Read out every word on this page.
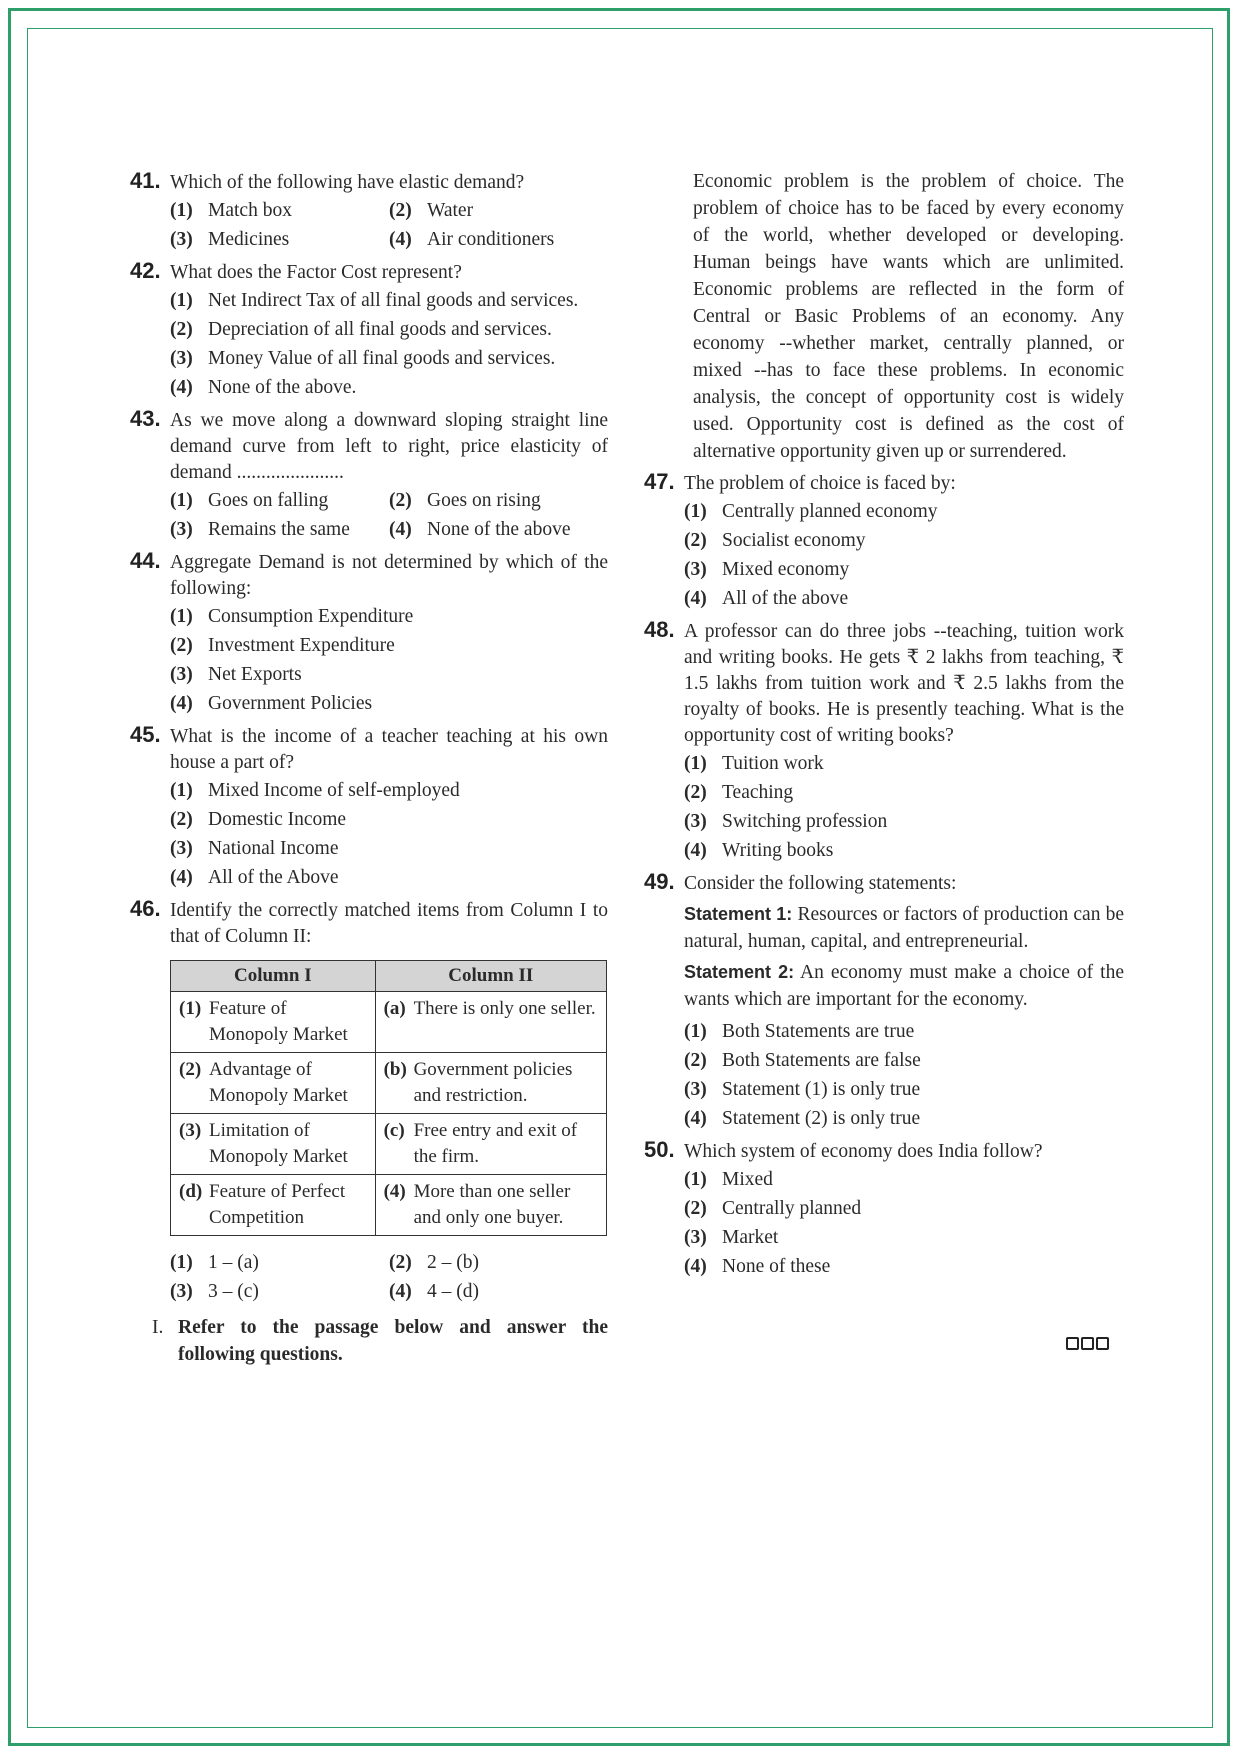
41. Which of the following have elastic demand?
(1) Match box	(2) Water
(3) Medicines	(4) Air conditioners
42. What does the Factor Cost represent?
(1) Net Indirect Tax of all final goods and services.
(2) Depreciation of all final goods and services.
(3) Money Value of all final goods and services.
(4) None of the above.
43. As we move along a downward sloping straight line demand curve from left to right, price elasticity of demand ......................
(1) Goes on falling	(2) Goes on rising
(3) Remains the same	(4) None of the above
44. Aggregate Demand is not determined by which of the following:
(1) Consumption Expenditure
(2) Investment Expenditure
(3) Net Exports
(4) Government Policies
45. What is the income of a teacher teaching at his own house a part of?
(1) Mixed Income of self-employed
(2) Domestic Income
(3) National Income
(4) All of the Above
46. Identify the correctly matched items from Column I to that of Column II:
Column I	Column II

(1) Feature of Monopoly Market	(a) There is only one seller.

(2) Advantage of Monopoly Market	(b) Government policies and restriction.

(3) Limitation of Monopoly Market	(c) Free entry and exit of the firm.

(d) Feature of Perfect Competition	(4) More than one seller and only one buyer.
(1) 1 – (a)	(2) 2 – (b)
(3) 3 – (c)	(4) 4 – (d)
I. Refer to the passage below and answer the following questions.
Economic problem is the problem of choice. The problem of choice has to be faced by every economy of the world, whether developed or developing. Human beings have wants which are unlimited. Economic problems are reflected in the form of Central or Basic Problems of an economy. Any economy --whether market, centrally planned, or mixed --has to face these problems. In economic analysis, the concept of opportunity cost is widely used. Opportunity cost is defined as the cost of alternative opportunity given up or surrendered.
47. The problem of choice is faced by:
(1) Centrally planned economy
(2) Socialist economy
(3) Mixed economy
(4) All of the above
48. A professor can do three jobs --teaching, tuition work and writing books. He gets ₹ 2 lakhs from teaching, ₹ 1.5 lakhs from tuition work and ₹ 2.5 lakhs from the royalty of books. He is presently teaching. What is the opportunity cost of writing books?
(1) Tuition work
(2) Teaching
(3) Switching profession
(4) Writing books
49. Consider the following statements:
Statement 1: Resources or factors of production can be natural, human, capital, and entrepreneurial.
Statement 2: An economy must make a choice of the wants which are important for the economy.
(1) Both Statements are true
(2) Both Statements are false
(3) Statement (1) is only true
(4) Statement (2) is only true
50. Which system of economy does India follow?
(1) Mixed
(2) Centrally planned
(3) Market
(4) None of these
